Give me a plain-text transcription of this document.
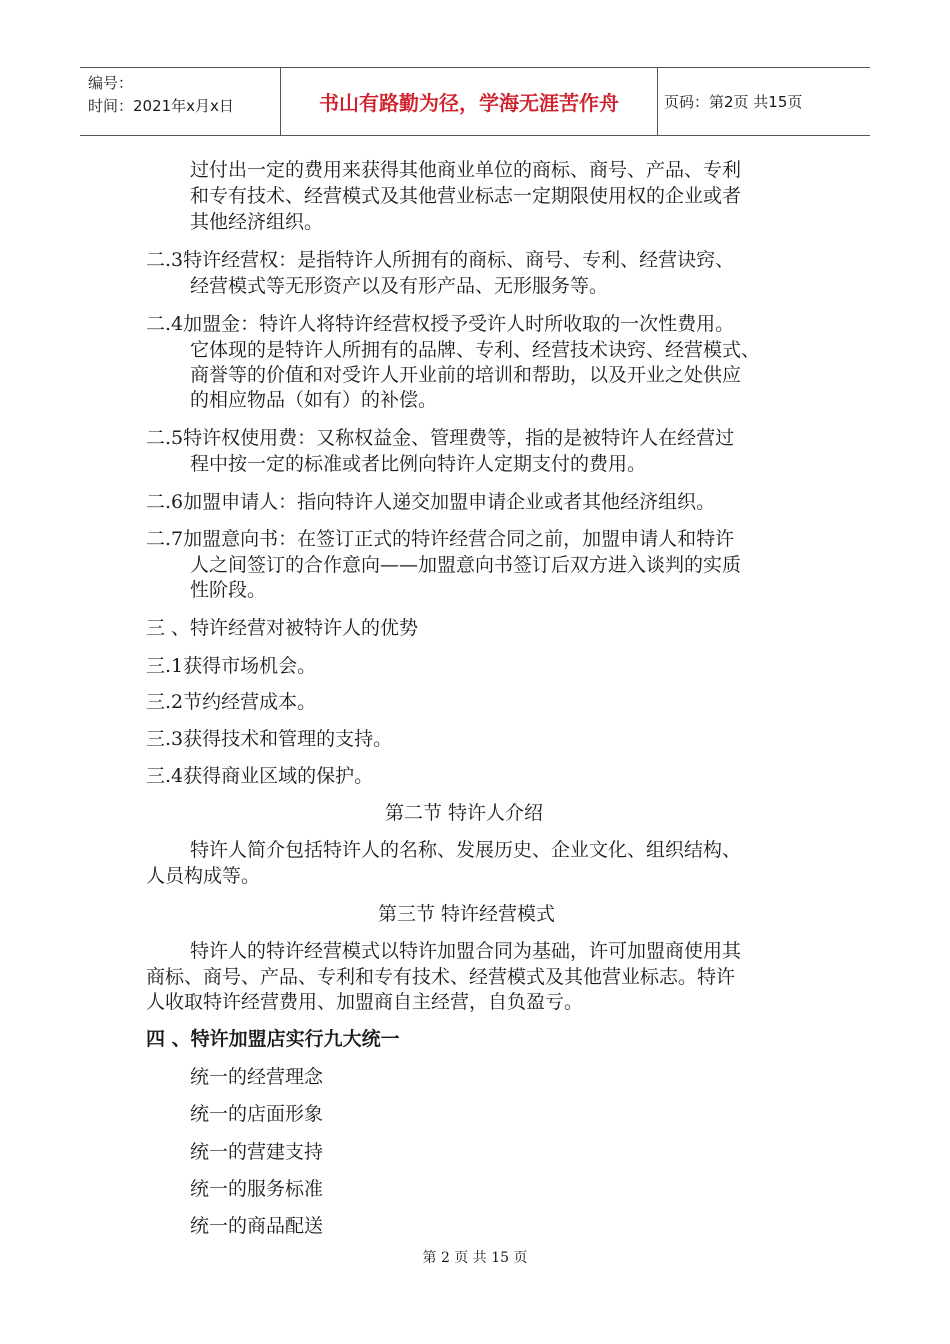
编号：
时间：2021年x月x日	书山有路勤为径，学海无涯苦作舟	页码：第2页 共15页
过付出一定的费用来获得其他商业单位的商标、商号、产品、专利
和专有技术、经营模式及其他营业标志一定期限使用权的企业或者
其他经济组织。
二.3特许经营权：是指特许人所拥有的商标、商号、专利、经营诀窍、
经营模式等无形资产以及有形产品、无形服务等。
二.4加盟金：特许人将特许经营权授予受许人时所收取的一次性费用。
它体现的是特许人所拥有的品牌、专利、经营技术诀窍、经营模式、
商誉等的价值和对受许人开业前的培训和帮助，以及开业之处供应
的相应物品（如有）的补偿。
二.5特许权使用费：又称权益金、管理费等，指的是被特许人在经营过
程中按一定的标准或者比例向特许人定期支付的费用。
二.6加盟申请人：指向特许人递交加盟申请企业或者其他经济组织。
二.7加盟意向书：在签订正式的特许经营合同之前，加盟申请人和特许
人之间签订的合作意向——加盟意向书签订后双方进入谈判的实质
性阶段。
三 、特许经营对被特许人的优势
三.1获得市场机会。
三.2节约经营成本。
三.3获得技术和管理的支持。
三.4获得商业区域的保护。
第二节 特许人介绍
特许人简介包括特许人的名称、发展历史、企业文化、组织结构、
人员构成等。
第三节 特许经营模式
特许人的特许经营模式以特许加盟合同为基础，许可加盟商使用其
商标、商号、产品、专利和专有技术、经营模式及其他营业标志。特许
人收取特许经营费用、加盟商自主经营，自负盈亏。
四 、特许加盟店实行九大统一
统一的经营理念
统一的店面形象
统一的营建支持
统一的服务标准
统一的商品配送
第 2 页 共 15 页
